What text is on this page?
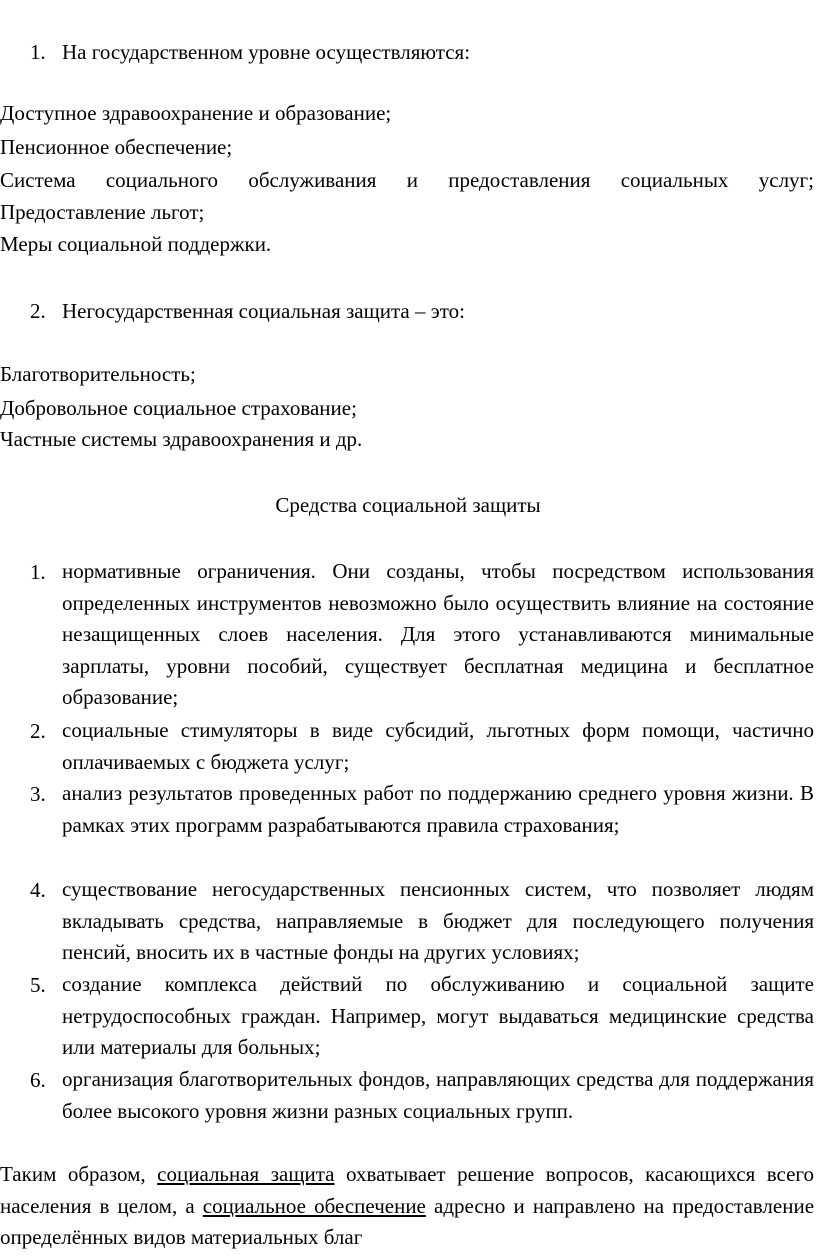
1. На государственном уровне осуществляются:
Доступное здравоохранение и образование;
Пенсионное обеспечение;
Система социального обслуживания и предоставления социальных услуг;
Предоставление льгот;
Меры социальной поддержки.
2. Негосударственная социальная защита – это:
Благотворительность;
Добровольное социальное страхование;
Частные системы здравоохранения и др.
Средства социальной защиты
1. нормативные ограничения. Они созданы, чтобы посредством использования определенных инструментов невозможно было осуществить влияние на состояние незащищенных слоев населения. Для этого устанавливаются минимальные зарплаты, уровни пособий, существует бесплатная медицина и бесплатное образование;
2. социальные стимуляторы в виде субсидий, льготных форм помощи, частично оплачиваемых с бюджета услуг;
3. анализ результатов проведенных работ по поддержанию среднего уровня жизни. В рамках этих программ разрабатываются правила страхования;
4. существование негосударственных пенсионных систем, что позволяет людям вкладывать средства, направляемые в бюджет для последующего получения пенсий, вносить их в частные фонды на других условиях;
5. создание комплекса действий по обслуживанию и социальной защите нетрудоспособных граждан. Например, могут выдаваться медицинские средства или материалы для больных;
6. организация благотворительных фондов, направляющих средства для поддержания более высокого уровня жизни разных социальных групп.
Таким образом, социальная защита охватывает решение вопросов, касающихся всего населения в целом, а социальное обеспечение адресно и направлено на предоставление определённых видов материальных благ
